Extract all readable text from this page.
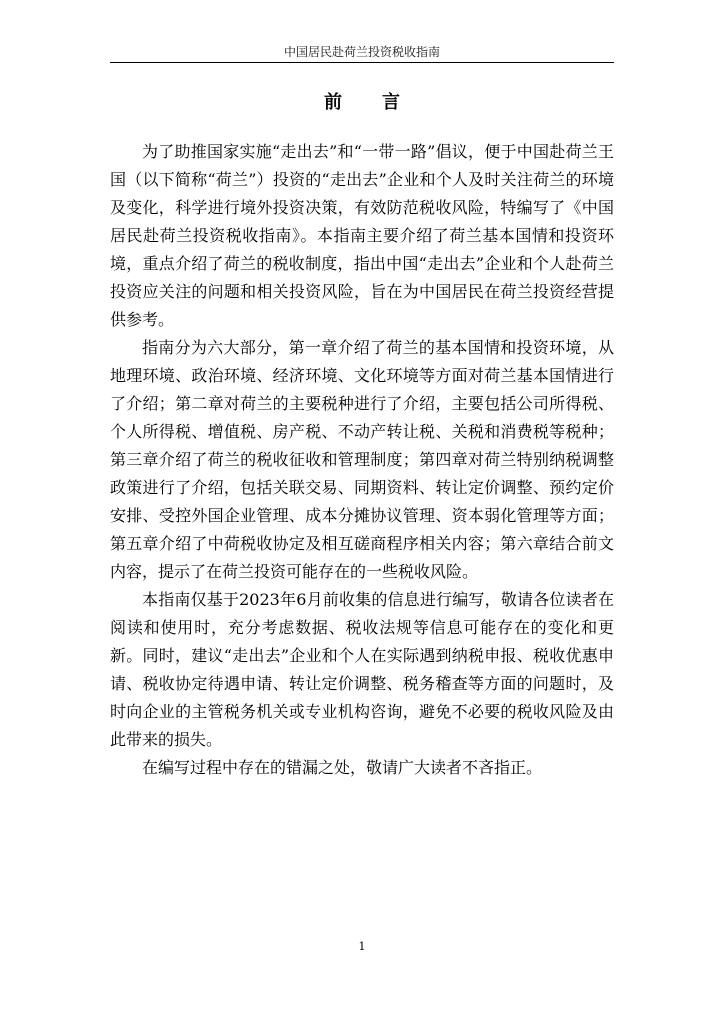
中国居民赴荷兰投资税收指南
前言

为了助推国家实施“走出去”和“一带一路”倡议，便于中国赴荷兰王国（以下简称“荷兰”）投资的“走出去”企业和个人及时关注荷兰的环境及变化，科学进行境外投资决策，有效防范税收风险，特编写了《中国居民赴荷兰投资税收指南》。本指南主要介绍了荷兰基本国情和投资环境，重点介绍了荷兰的税收制度，指出中国“走出去”企业和个人赴荷兰投资应关注的问题和相关投资风险，旨在为中国居民在荷兰投资经营提供参考。

指南分为六大部分，第一章介绍了荷兰的基本国情和投资环境，从地理环境、政治环境、经济环境、文化环境等方面对荷兰基本国情进行了介绍；第二章对荷兰的主要税种进行了介绍，主要包括公司所得税、个人所得税、增值税、房产税、不动产转让税、关税和消费税等税种；第三章介绍了荷兰的税收征收和管理制度；第四章对荷兰特别纳税调整政策进行了介绍，包括关联交易、同期资料、转让定价调整、预约定价安排、受控外国企业管理、成本分摊协议管理、资本弱化管理等方面；第五章介绍了中荷税收协定及相互磋商程序相关内容；第六章结合前文内容，提示了在荷兰投资可能存在的一些税收风险。

本指南仅基于2023年6月前收集的信息进行编写，敬请各位读者在阅读和使用时，充分考虑数据、税收法规等信息可能存在的变化和更新。同时，建议“走出去”企业和个人在实际遇到纳税申报、税收优惠申请、税收协定待遇申请、转让定价调整、税务稽查等方面的问题时，及时向企业的主管税务机关或专业机构咨询，避免不必要的税收风险及由此带来的损失。

在编写过程中存在的错漏之处，敬请广大读者不吝指正。

1
